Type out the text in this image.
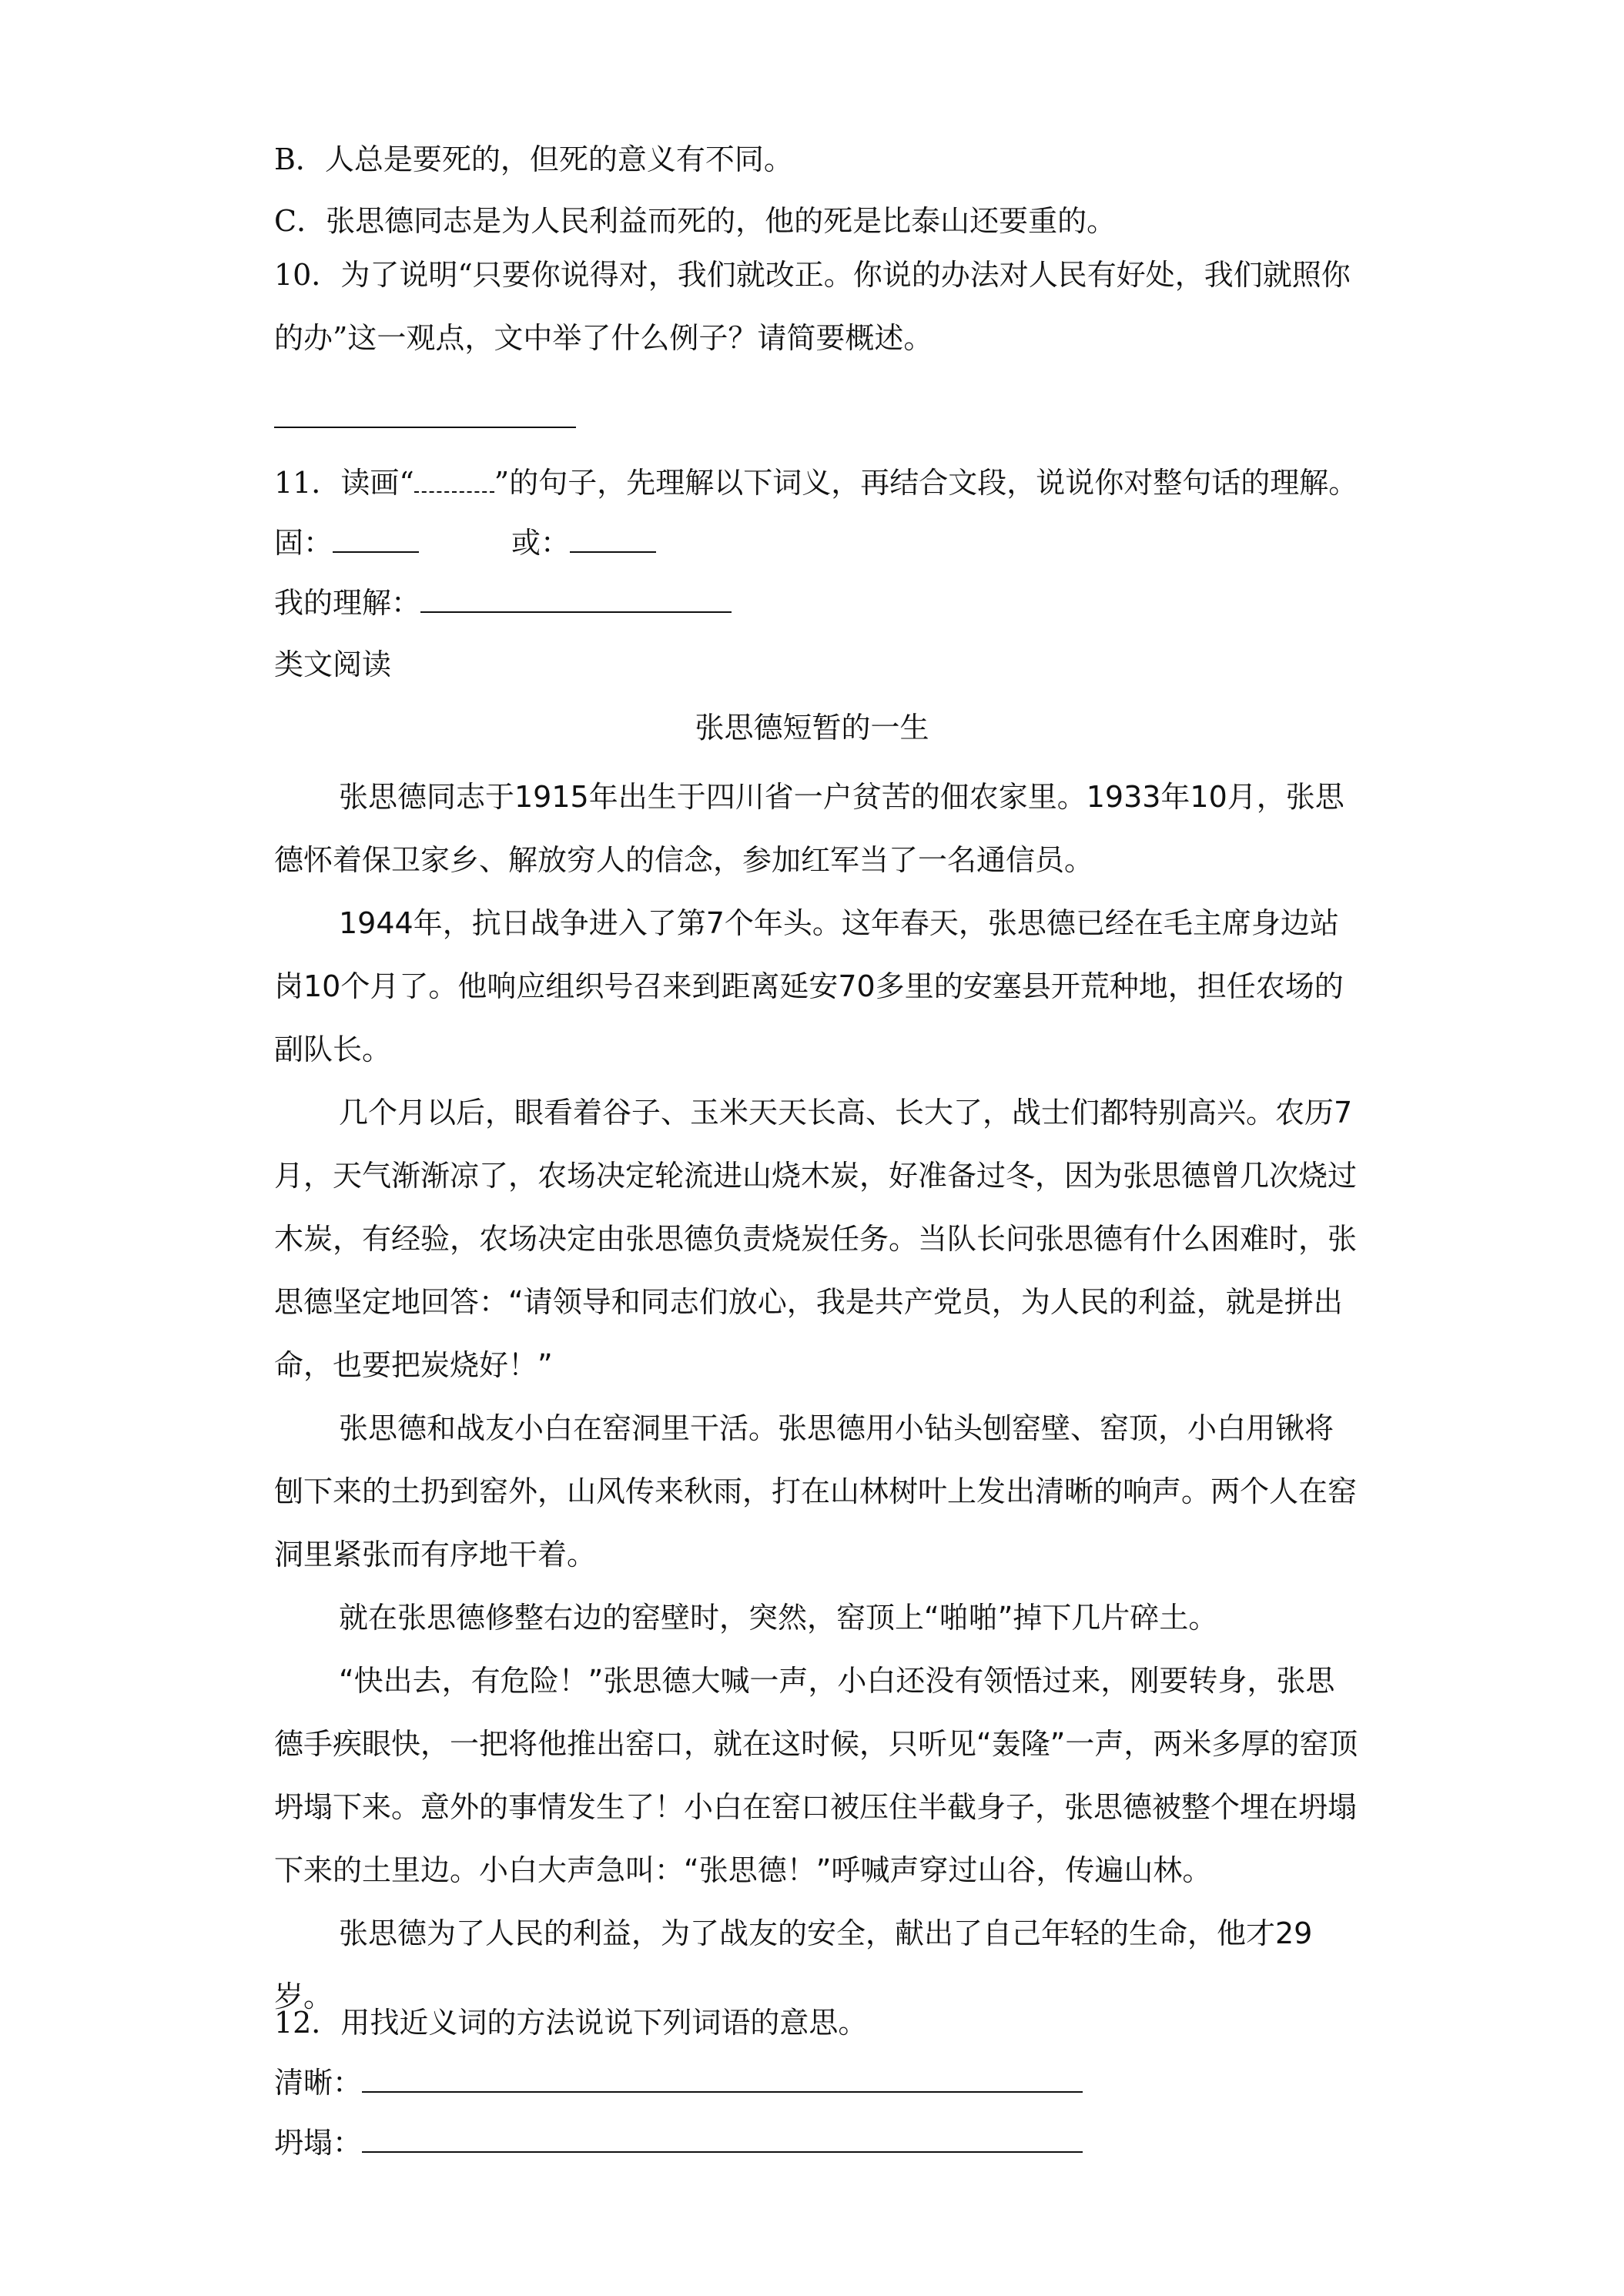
B．人总是要死的，但死的意义有不同。
C．张思德同志是为人民利益而死的，他的死是比泰山还要重的。
10．为了说明“只要你说得对，我们就改正。你说的办法对人民有好处，我们就照你的办”这一观点，文中举了什么例子？请简要概述。
11．读画“	”的句子，先理解以下词义，再结合文段，说说你对整句话的理解。
固：	或：
我的理解：
类文阅读
张思德短暂的一生
张思德同志于1915年出生于四川省一户贫苦的佃农家里。1933年10月，张思德怀着保卫家乡、解放穷人的信念，参加红军当了一名通信员。
1944年，抗日战争进入了第7个年头。这年春天，张思德已经在毛主席身边站岗10个月了。他响应组织号召来到距离延安70多里的安塞县开荒种地，担任农场的副队长。
几个月以后，眼看着谷子、玉米天天长高、长大了，战士们都特别高兴。农历7月，天气渐渐凉了，农场决定轮流进山烧木炭，好准备过冬，因为张思德曾几次烧过木炭，有经验，农场决定由张思德负责烧炭任务。当队长问张思德有什么困难时，张思德坚定地回答：“请领导和同志们放心，我是共产党员，为人民的利益，就是拼出命，也要把炭烧好！”
张思德和战友小白在窑洞里干活。张思德用小钻头刨窑壁、窑顶，小白用锹将刨下来的土扔到窑外，山风传来秋雨，打在山林树叶上发出清晰的响声。两个人在窑洞里紧张而有序地干着。
就在张思德修整右边的窑壁时，突然，窑顶上“啪啪”掉下几片碎土。
“快出去，有危险！”张思德大喊一声，小白还没有领悟过来，刚要转身，张思德手疾眼快，一把将他推出窑口，就在这时候，只听见“轰隆”一声，两米多厚的窑顶坍塌下来。意外的事情发生了！小白在窑口被压住半截身子，张思德被整个埋在坍塌下来的土里边。小白大声急叫：“张思德！”呼喊声穿过山谷，传遍山林。
张思德为了人民的利益，为了战友的安全，献出了自己年轻的生命，他才29岁。
12．用找近义词的方法说说下列词语的意思。
清晰：
坍塌：
